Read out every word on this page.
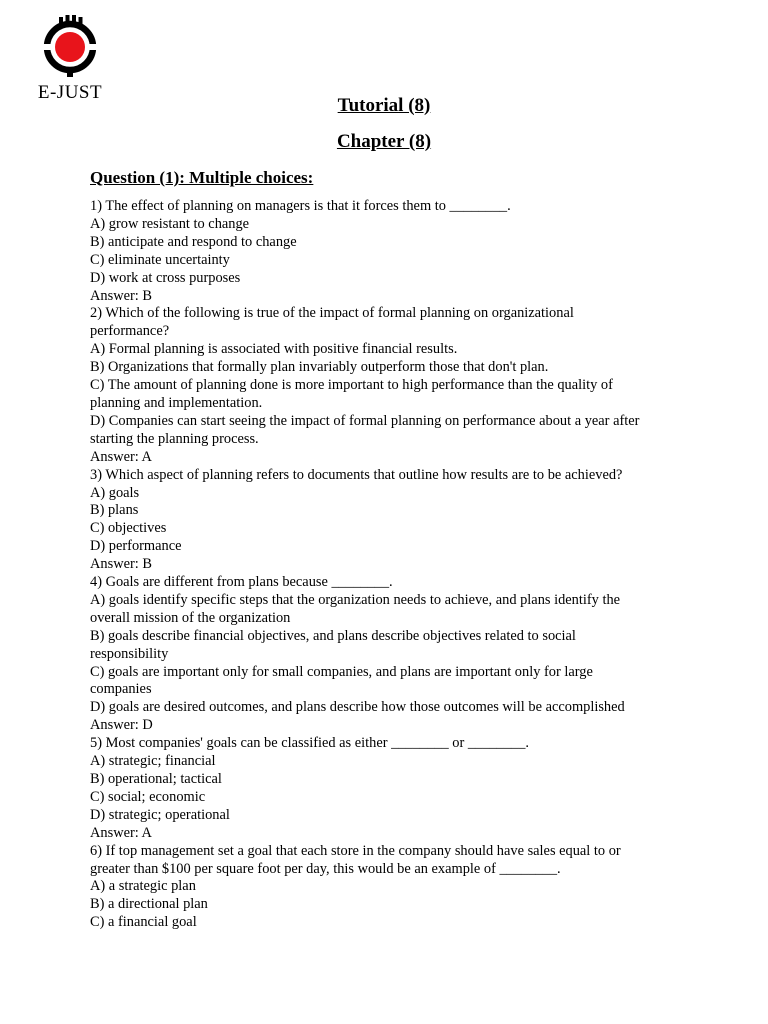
E-JUST
Tutorial (8)
Chapter (8)
Question (1): Multiple choices:
1) The effect of planning on managers is that it forces them to ________.
A) grow resistant to change
B) anticipate and respond to change
C) eliminate uncertainty
D) work at cross purposes
Answer: B
2) Which of the following is true of the impact of formal planning on organizational
performance?
A) Formal planning is associated with positive financial results.
B) Organizations that formally plan invariably outperform those that don't plan.
C) The amount of planning done is more important to high performance than the quality of
planning and implementation.
D) Companies can start seeing the impact of formal planning on performance about a year after
starting the planning process.
Answer: A
3) Which aspect of planning refers to documents that outline how results are to be achieved?
A) goals
B) plans
C) objectives
D) performance
Answer: B
4) Goals are different from plans because ________.
A) goals identify specific steps that the organization needs to achieve, and plans identify the
overall mission of the organization
B) goals describe financial objectives, and plans describe objectives related to social
responsibility
C) goals are important only for small companies, and plans are important only for large
companies
D) goals are desired outcomes, and plans describe how those outcomes will be accomplished
Answer: D
5) Most companies' goals can be classified as either ________ or ________.
A) strategic; financial
B) operational; tactical
C) social; economic
D) strategic; operational
Answer: A
6) If top management set a goal that each store in the company should have sales equal to or
greater than $100 per square foot per day, this would be an example of ________.
A) a strategic plan
B) a directional plan
C) a financial goal
